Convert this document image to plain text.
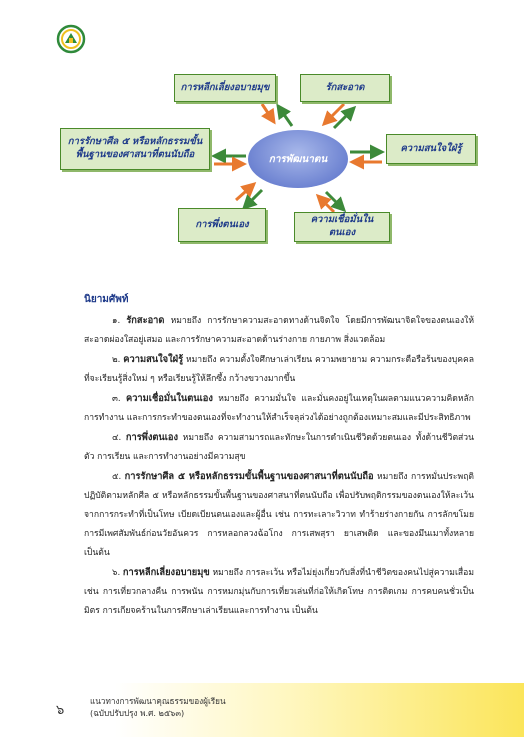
การหลีกเลี่ยงอบายมุข	รักสะอาด
การรักษาศีล ๕ หรือหลักธรรมขั้นพื้นฐานของศาสนาที่ตนนับถือ
ความสนใจใฝ่รู้
การพึ่งตนเอง	ความเชื่อมั่นในตนเอง
การพัฒนาตน
นิยามศัพท์
๑. รักสะอาด หมายถึง การรักษาความสะอาดทางด้านจิตใจ โดยมีการพัฒนาจิตใจของตนเองให้สะอาดผ่องใสอยู่เสมอ และการรักษาความสะอาดด้านร่างกาย กายภาพ สิ่งแวดล้อม
๒. ความสนใจใฝ่รู้ หมายถึง ความตั้งใจศึกษาเล่าเรียน ความพยายาม ความกระตือรือร้นของบุคคลที่จะเรียนรู้สิ่งใหม่ ๆ หรือเรียนรู้ให้ลึกซึ้ง กว้างขวางมากขึ้น
๓. ความเชื่อมั่นในตนเอง หมายถึง ความมั่นใจ และมั่นคงอยู่ในเหตุในผลตามแนวความคิดหลักการทำงาน และการกระทำของตนเองที่จะทำงานให้สำเร็จลุล่วงได้อย่างถูกต้องเหมาะสมและมีประสิทธิภาพ
๔. การพึ่งตนเอง หมายถึง ความสามารถและทักษะในการดำเนินชีวิตด้วยตนเอง ทั้งด้านชีวิตส่วนตัว การเรียน และการทำงานอย่างมีความสุข
๕. การรักษาศีล ๕ หรือหลักธรรมขั้นพื้นฐานของศาสนาที่ตนนับถือ หมายถึง การหมั่นประพฤติปฏิบัติตามหลักศีล ๕ หรือหลักธรรมขั้นพื้นฐานของศาสนาที่ตนนับถือ เพื่อปรับพฤติกรรมของตนเองให้ละเว้นจากการกระทำที่เป็นโทษ เบียดเบียนตนเองและผู้อื่น เช่น การทะเลาะวิวาท ทำร้ายร่างกายกัน การลักขโมย การมีเพศสัมพันธ์ก่อนวัยอันควร การหลอกลวงฉ้อโกง การเสพสุรา ยาเสพติด และของมึนเมาทั้งหลาย เป็นต้น
๖. การหลีกเลี่ยงอบายมุข หมายถึง การละเว้น หรือไม่ยุ่งเกี่ยวกับสิ่งที่นำชีวิตของคนไปสู่ความเสื่อม เช่น การเที่ยวกลางคืน การพนัน การหมกมุ่นกับการเที่ยวเล่นที่ก่อให้เกิดโทษ การติดเกม การคบคนชั่วเป็นมิตร การเกียจคร้านในการศึกษาเล่าเรียนและการทำงาน เป็นต้น
๖
แนวทางการพัฒนาคุณธรรมของผู้เรียน
(ฉบับปรับปรุง พ.ศ. ๒๕๖๓)
